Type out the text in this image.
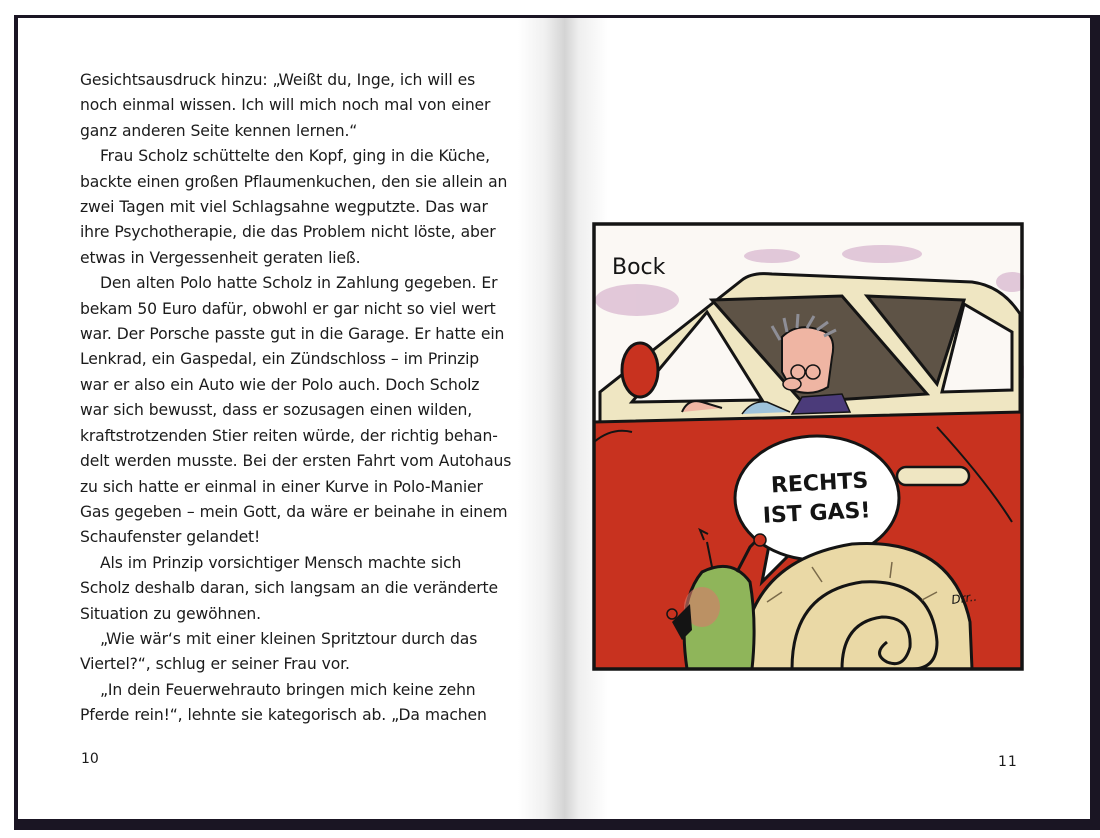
Gesichtsausdruck hinzu: „Weißt du, Inge, ich will es
noch einmal wissen. Ich will mich noch mal von einer
ganz anderen Seite kennen lernen.“

Frau Scholz schüttelte den Kopf, ging in die Küche,
backte einen großen Pflaumenkuchen, den sie allein an
zwei Tagen mit viel Schlagsahne wegputzte. Das war
ihre Psychotherapie, die das Problem nicht löste, aber
etwas in Vergessenheit geraten ließ.

Den alten Polo hatte Scholz in Zahlung gegeben. Er
bekam 50 Euro dafür, obwohl er gar nicht so viel wert
war. Der Porsche passte gut in die Garage. Er hatte ein
Lenkrad, ein Gaspedal, ein Zündschloss – im Prinzip
war er also ein Auto wie der Polo auch. Doch Scholz
war sich bewusst, dass er sozusagen einen wilden,
kraftstrotzenden Stier reiten würde, der richtig behan-
delt werden musste. Bei der ersten Fahrt vom Autohaus
zu sich hatte er einmal in einer Kurve in Polo-Manier
Gas gegeben – mein Gott, da wäre er beinahe in einem
Schaufenster gelandet!

Als im Prinzip vorsichtiger Mensch machte sich
Scholz deshalb daran, sich langsam an die veränderte
Situation zu gewöhnen.

„Wie wär‘s mit einer kleinen Spritztour durch das
Viertel?“, schlug er seiner Frau vor.

„In dein Feuerwehrauto bringen mich keine zehn
Pferde rein!“, lehnte sie kategorisch ab. „Da machen

10	11
RECHTS
IST GAS!
Drr..
Bock
